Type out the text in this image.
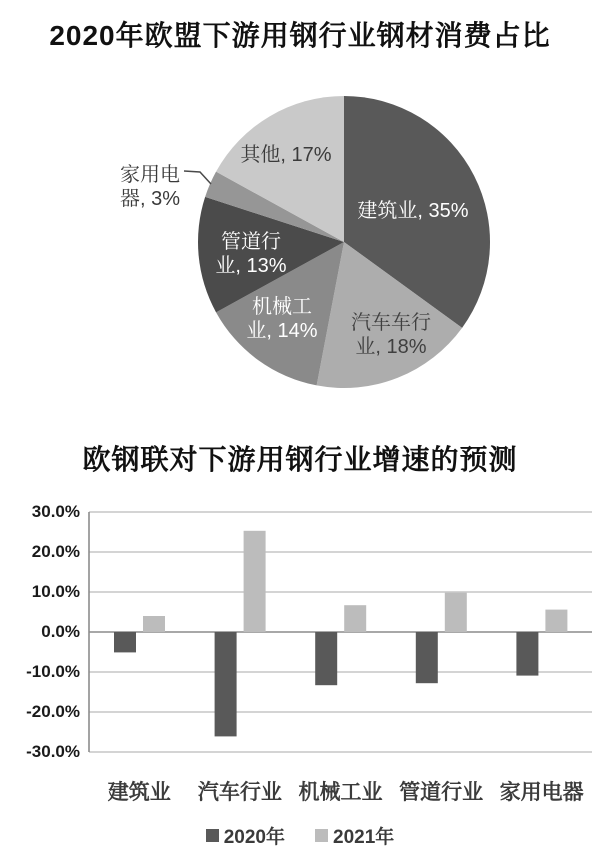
2020年欧盟下游用钢行业钢材消费占比
建筑业, 35%
汽车车行业, 18%
机械工业, 14%
管道行业, 13%
家用电器, 3%
其他, 17%
欧钢联对下游用钢行业增速的预测
30.0%
20.0%
10.0%
0.0%
-10.0%
-20.0%
-30.0%
建筑业	汽车行业 机械工业 管道行业 家用电器
2020年	2021年
